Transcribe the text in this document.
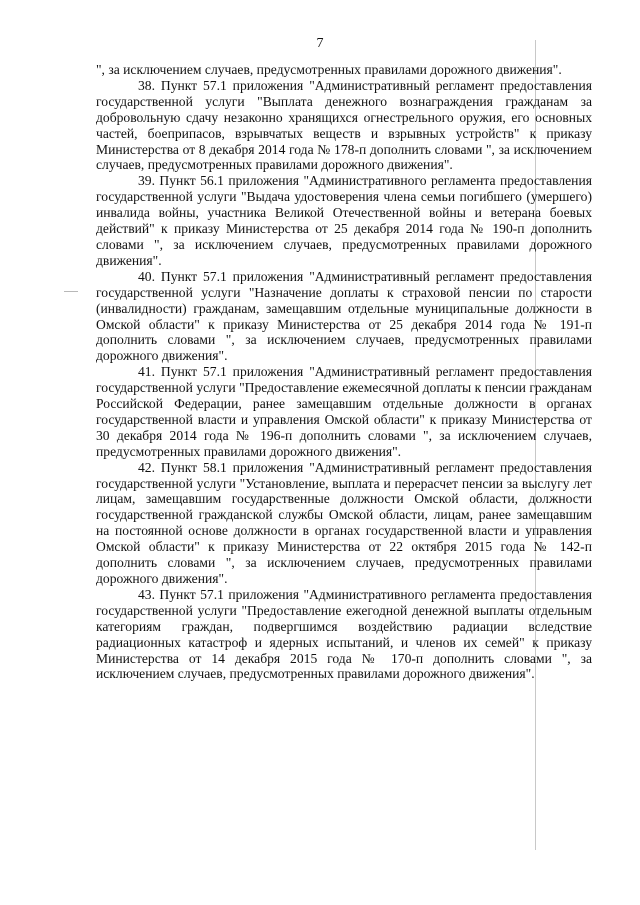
7

", за исключением случаев, предусмотренных правилами дорожного движения".

38. Пункт 57.1 приложения "Административный регламент предоставления государственной услуги "Выплата денежного вознаграждения гражданам за добровольную сдачу незаконно хранящихся огнестрельного оружия, его основных частей, боеприпасов, взрывчатых веществ и взрывных устройств" к приказу Министерства от 8 декабря 2014 года № 178-п дополнить словами ", за исключением случаев, предусмотренных правилами дорожного движения".

39. Пункт 56.1 приложения "Административного регламента предоставления государственной услуги "Выдача удостоверения члена семьи погибшего (умершего) инвалида войны, участника Великой Отечественной войны и ветерана боевых действий" к приказу Министерства от 25 декабря 2014 года № 190-п дополнить словами ", за исключением случаев, предусмотренных правилами дорожного движения".

40. Пункт 57.1 приложения "Административный регламент предоставления государственной услуги "Назначение доплаты к страховой пенсии по старости (инвалидности) гражданам, замещавшим отдельные муниципальные должности в Омской области" к приказу Министерства от 25 декабря 2014 года № 191-п дополнить словами ", за исключением случаев, предусмотренных правилами дорожного движения".

41. Пункт 57.1 приложения "Административный регламент предоставления государственной услуги "Предоставление ежемесячной доплаты к пенсии гражданам Российской Федерации, ранее замещавшим отдельные должности в органах государственной власти и управления Омской области" к приказу Министерства от 30 декабря 2014 года № 196-п дополнить словами ", за исключением случаев, предусмотренных правилами дорожного движения".

42. Пункт 58.1 приложения "Административный регламент предоставления государственной услуги "Установление, выплата и перерасчет пенсии за выслугу лет лицам, замещавшим государственные должности Омской области, должности государственной гражданской службы Омской области, лицам, ранее замещавшим на постоянной основе должности в органах государственной власти и управления Омской области" к приказу Министерства от 22 октября 2015 года № 142-п дополнить словами ", за исключением случаев, предусмотренных правилами дорожного движения".

43. Пункт 57.1 приложения "Административного регламента предоставления государственной услуги "Предоставление ежегодной денежной выплаты отдельным категориям граждан, подвергшимся воздействию радиации вследствие радиационных катастроф и ядерных испытаний, и членов их семей" к приказу Министерства от 14 декабря 2015 года № 170-п дополнить словами ", за исключением случаев, предусмотренных правилами дорожного движения".
